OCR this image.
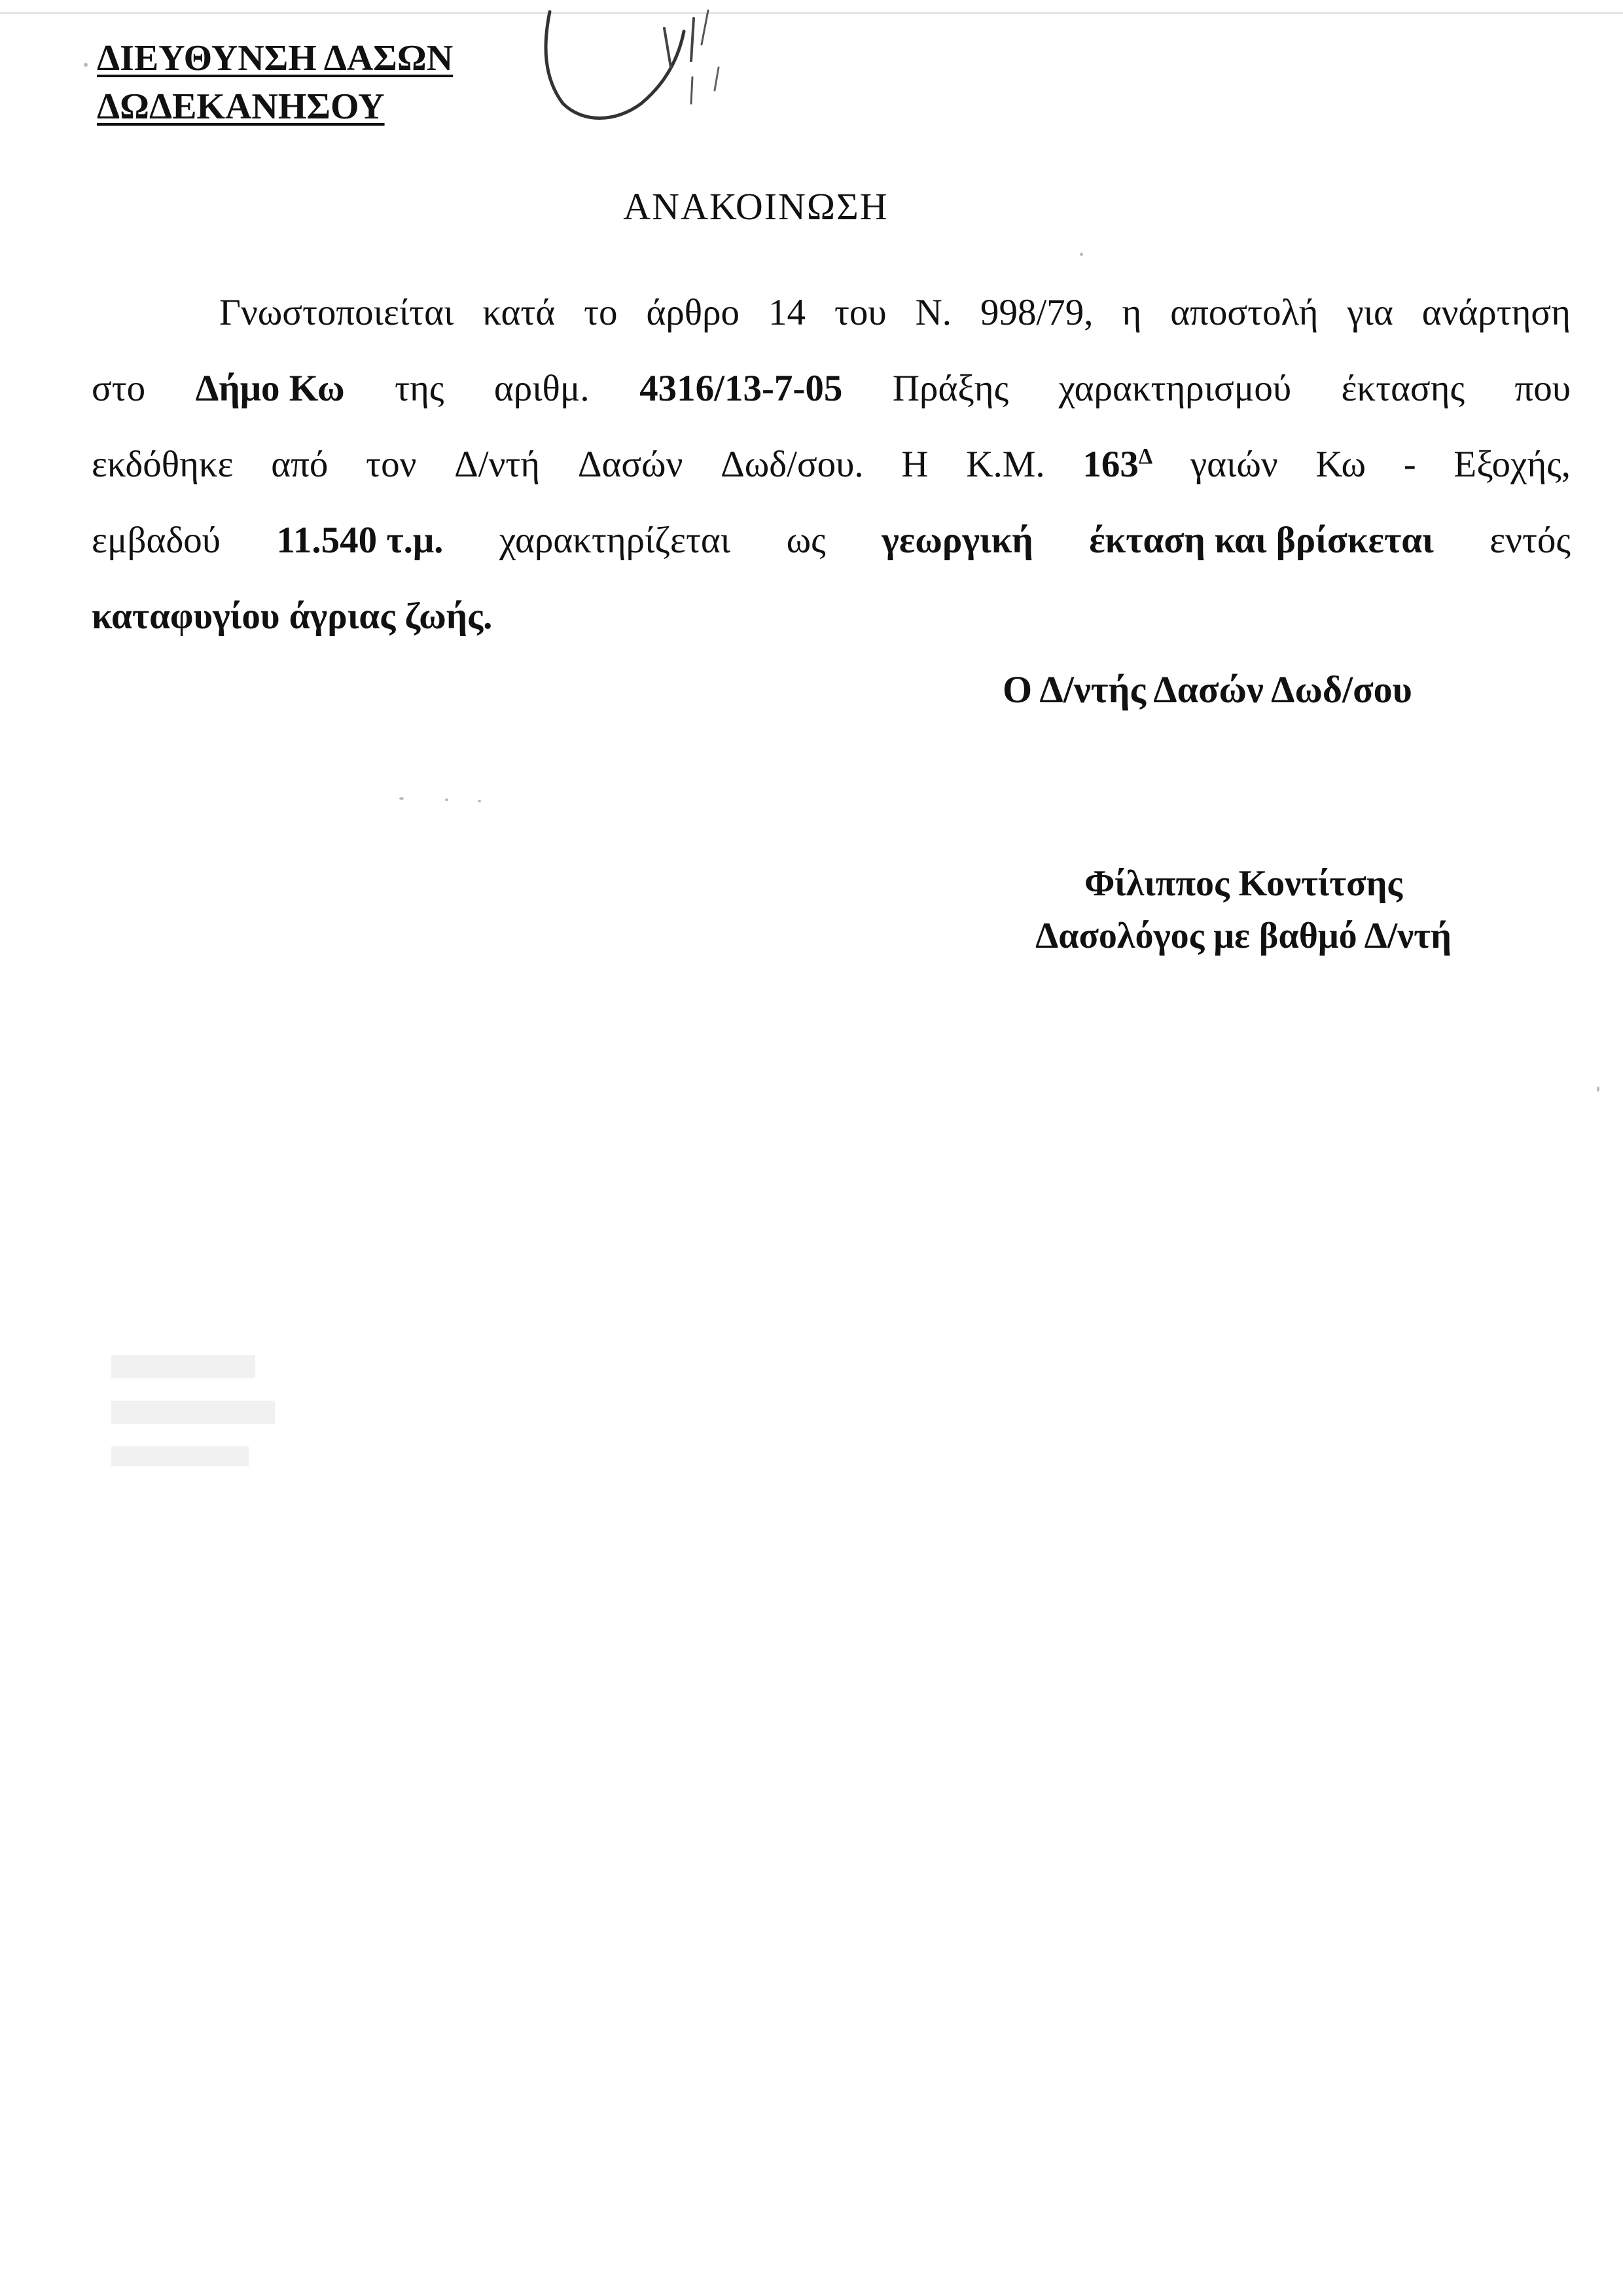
ΔΙΕΥΘΥΝΣΗ ΔΑΣΩΝ
ΔΩΔΕΚΑΝΗΣΟΥ
ΑΝΑΚΟΙΝΩΣΗ
Γνωστοποιείται κατά το άρθρο 14 του Ν. 998/79, η αποστολή για ανάρτηση
στο Δήμο Κω της αριθμ. 4316/13-7-05 Πράξης χαρακτηρισμού έκτασης που
εκδόθηκε από τον Δ/ντή Δασών Δωδ/σου. Η Κ.Μ. $163^\Delta$ γαιών Κω - Εξοχής,
εμβαδού 11.540 τ.μ. χαρακτηρίζεται ως γεωργική έκταση και βρίσκεται εντός
καταφυγίου άγριας ζωής.
Ο Δ/ντής Δασών Δωδ/σου
Φίλιππος Κοντίτσης
Δασολόγος με βαθμό Δ/ντή
